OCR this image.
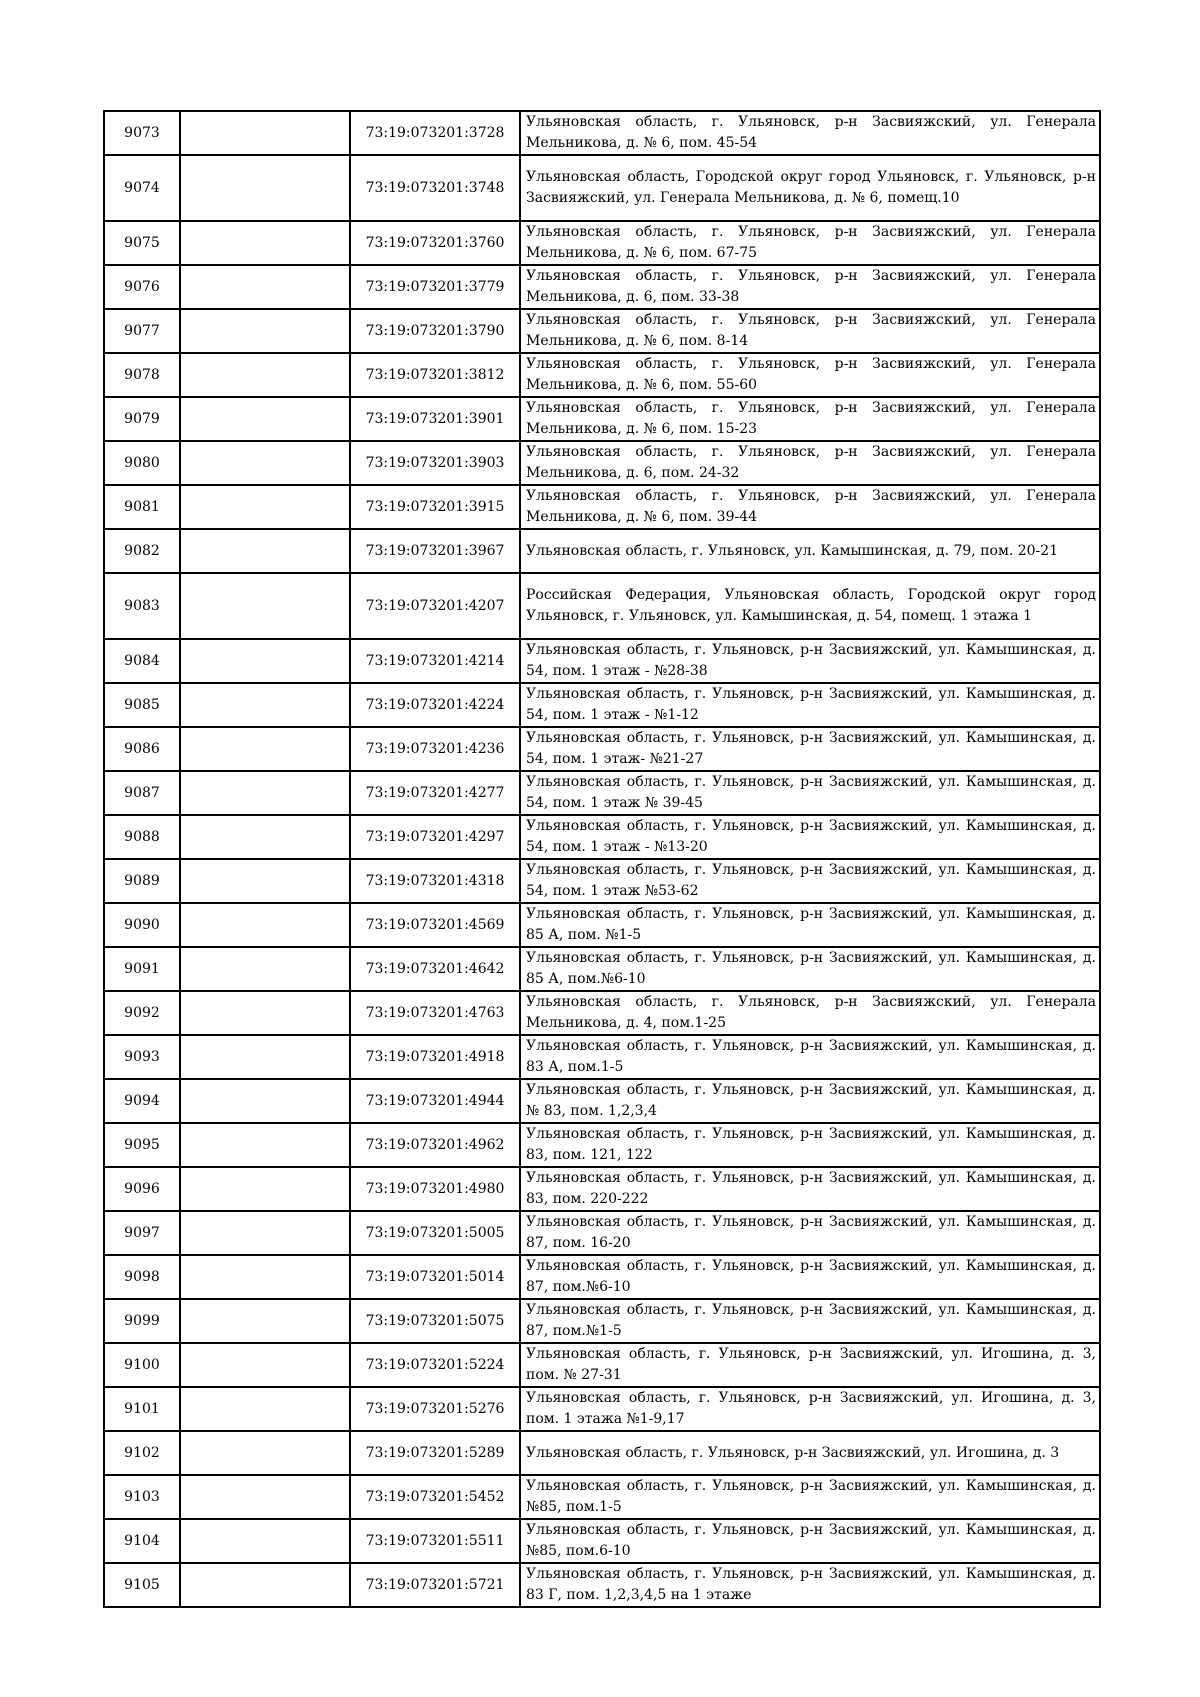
9073		73:19:073201:3728	Ульяновская область, г. Ульяновск, р-н Засвияжский, ул. Генерала Мельникова, д. № 6, пом. 45-54
9074		73:19:073201:3748	Ульяновская область, Городской округ город Ульяновск, г. Ульяновск, р-н Засвияжский, ул. Генерала Мельникова, д. № 6, помещ.10
9075		73:19:073201:3760	Ульяновская область, г. Ульяновск, р-н Засвияжский, ул. Генерала Мельникова, д. № 6, пом. 67-75
9076		73:19:073201:3779	Ульяновская область, г. Ульяновск, р-н Засвияжский, ул. Генерала Мельникова, д. 6, пом. 33-38
9077		73:19:073201:3790	Ульяновская область, г. Ульяновск, р-н Засвияжский, ул. Генерала Мельникова, д. № 6, пом. 8-14
9078		73:19:073201:3812	Ульяновская область, г. Ульяновск, р-н Засвияжский, ул. Генерала Мельникова, д. № 6, пом. 55-60
9079		73:19:073201:3901	Ульяновская область, г. Ульяновск, р-н Засвияжский, ул. Генерала Мельникова, д. № 6, пом. 15-23
9080		73:19:073201:3903	Ульяновская область, г. Ульяновск, р-н Засвияжский, ул. Генерала Мельникова, д. 6, пом. 24-32
9081		73:19:073201:3915	Ульяновская область, г. Ульяновск, р-н Засвияжский, ул. Генерала Мельникова, д. № 6, пом. 39-44
9082		73:19:073201:3967	Ульяновская область, г. Ульяновск, ул. Камышинская, д. 79, пом. 20-21
9083		73:19:073201:4207	Российская Федерация, Ульяновская область, Городской округ город Ульяновск, г. Ульяновск, ул. Камышинская, д. 54, помещ. 1 этажа 1
9084		73:19:073201:4214	Ульяновская область, г. Ульяновск, р-н Засвияжский, ул. Камышинская, д. 54, пом. 1 этаж - №28-38
9085		73:19:073201:4224	Ульяновская область, г. Ульяновск, р-н Засвияжский, ул. Камышинская, д. 54, пом. 1 этаж - №1-12
9086		73:19:073201:4236	Ульяновская область, г. Ульяновск, р-н Засвияжский, ул. Камышинская, д. 54, пом. 1 этаж- №21-27
9087		73:19:073201:4277	Ульяновская область, г. Ульяновск, р-н Засвияжский, ул. Камышинская, д. 54, пом. 1 этаж № 39-45
9088		73:19:073201:4297	Ульяновская область, г. Ульяновск, р-н Засвияжский, ул. Камышинская, д. 54, пом. 1 этаж - №13-20
9089		73:19:073201:4318	Ульяновская область, г. Ульяновск, р-н Засвияжский, ул. Камышинская, д. 54, пом. 1 этаж №53-62
9090		73:19:073201:4569	Ульяновская область, г. Ульяновск, р-н Засвияжский, ул. Камышинская, д. 85 А, пом. №1-5
9091		73:19:073201:4642	Ульяновская область, г. Ульяновск, р-н Засвияжский, ул. Камышинская, д. 85 А, пом.№6-10
9092		73:19:073201:4763	Ульяновская область, г. Ульяновск, р-н Засвияжский, ул. Генерала Мельникова, д. 4, пом.1-25
9093		73:19:073201:4918	Ульяновская область, г. Ульяновск, р-н Засвияжский, ул. Камышинская, д. 83 А, пом.1-5
9094		73:19:073201:4944	Ульяновская область, г. Ульяновск, р-н Засвияжский, ул. Камышинская, д. № 83, пом. 1,2,3,4
9095		73:19:073201:4962	Ульяновская область, г. Ульяновск, р-н Засвияжский, ул. Камышинская, д. 83, пом. 121, 122
9096		73:19:073201:4980	Ульяновская область, г. Ульяновск, р-н Засвияжский, ул. Камышинская, д. 83, пом. 220-222
9097		73:19:073201:5005	Ульяновская область, г. Ульяновск, р-н Засвияжский, ул. Камышинская, д. 87, пом. 16-20
9098		73:19:073201:5014	Ульяновская область, г. Ульяновск, р-н Засвияжский, ул. Камышинская, д. 87, пом.№6-10
9099		73:19:073201:5075	Ульяновская область, г. Ульяновск, р-н Засвияжский, ул. Камышинская, д. 87, пом.№1-5
9100		73:19:073201:5224	Ульяновская область, г. Ульяновск, р-н Засвияжский, ул. Игошина, д. 3, пом. № 27-31
9101		73:19:073201:5276	Ульяновская область, г. Ульяновск, р-н Засвияжский, ул. Игошина, д. 3, пом. 1 этажа №1-9,17
9102		73:19:073201:5289	Ульяновская область, г. Ульяновск, р-н Засвияжский, ул. Игошина, д. 3
9103		73:19:073201:5452	Ульяновская область, г. Ульяновск, р-н Засвияжский, ул. Камышинская, д. №85, пом.1-5
9104		73:19:073201:5511	Ульяновская область, г. Ульяновск, р-н Засвияжский, ул. Камышинская, д. №85, пом.6-10
9105		73:19:073201:5721	Ульяновская область, г. Ульяновск, р-н Засвияжский, ул. Камышинская, д. 83 Г, пом. 1,2,3,4,5 на 1 этаже
